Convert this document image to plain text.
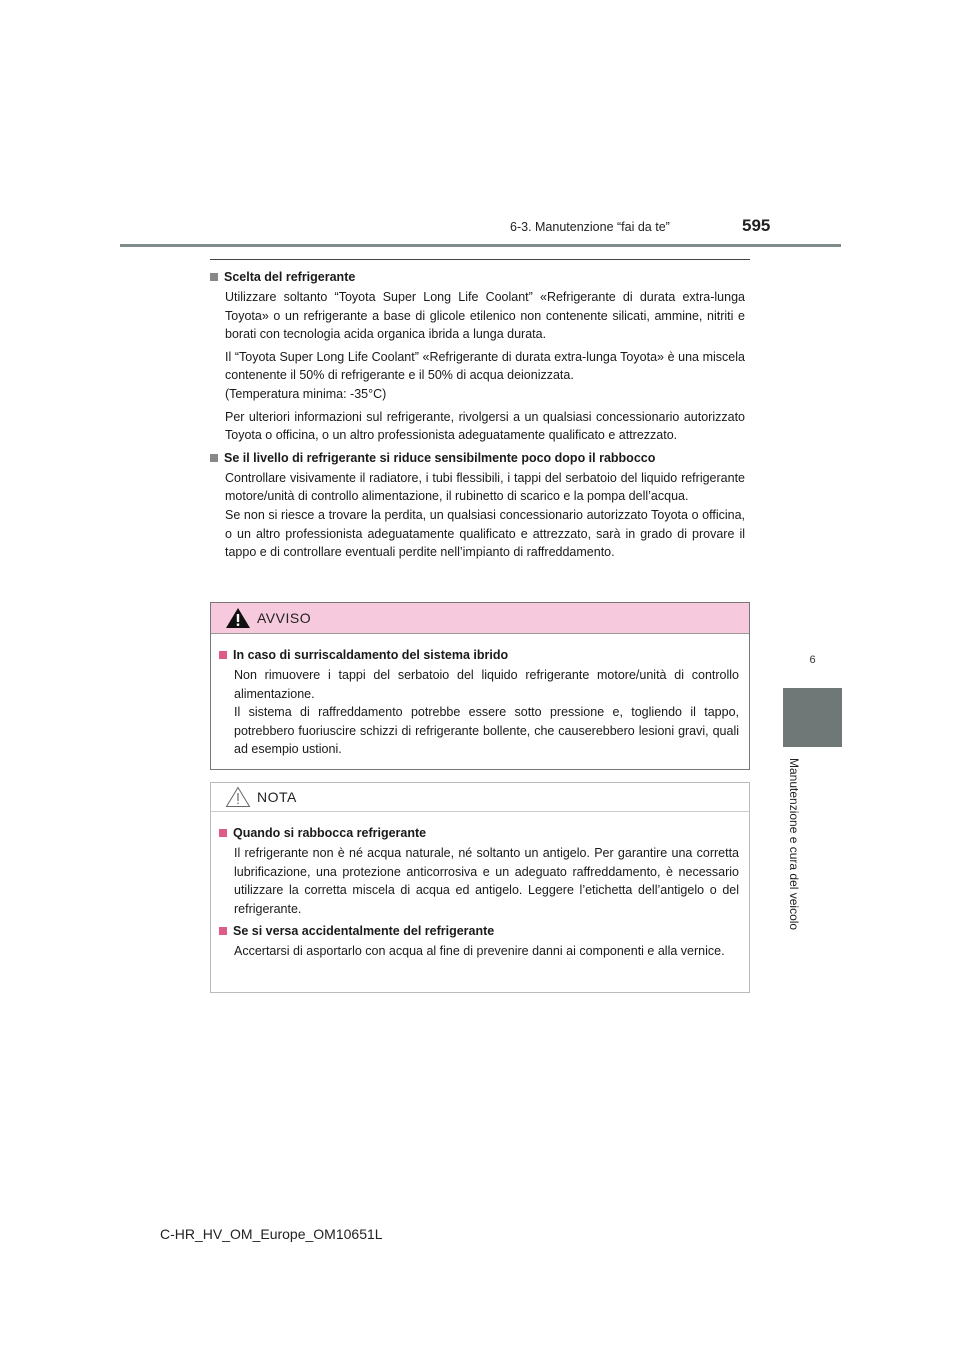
6-3. Manutenzione “fai da te”	595
6
Manutenzione e cura del veicolo
Scelta del refrigerante

Utilizzare soltanto “Toyota Super Long Life Coolant” «Refrigerante di durata extra-lunga Toyota» o un refrigerante a base di glicole etilenico non contenente silicati, ammine, nitriti e borati con tecnologia acida organica ibrida a lunga durata.

Il “Toyota Super Long Life Coolant” «Refrigerante di durata extra-lunga Toyota» è una miscela contenente il 50% di refrigerante e il 50% di acqua deionizzata.
(Temperatura minima: -35°C)

Per ulteriori informazioni sul refrigerante, rivolgersi a un qualsiasi concessionario autorizzato Toyota o officina, o un altro professionista adeguatamente qualificato e attrezzato.

Se il livello di refrigerante si riduce sensibilmente poco dopo il rabbocco

Controllare visivamente il radiatore, i tubi flessibili, i tappi del serbatoio del liquido refrigerante motore/unità di controllo alimentazione, il rubinetto di scarico e la pompa dell’acqua.
Se non si riesce a trovare la perdita, un qualsiasi concessionario autorizzato Toyota o officina, o un altro professionista adeguatamente qualificato e attrezzato, sarà in grado di provare il tappo e di controllare eventuali perdite nell’impianto di raffreddamento.

AVVISO
In caso di surriscaldamento del sistema ibrido

Non rimuovere i tappi del serbatoio del liquido refrigerante motore/unità di controllo alimentazione.
Il sistema di raffreddamento potrebbe essere sotto pressione e, togliendo il tappo, potrebbero fuoriuscire schizzi di refrigerante bollente, che causerebbero lesioni gravi, quali ad esempio ustioni.

NOTA
Quando si rabbocca refrigerante

Il refrigerante non è né acqua naturale, né soltanto un antigelo. Per garantire una corretta lubrificazione, una protezione anticorrosiva e un adeguato raffreddamento, è necessario utilizzare la corretta miscela di acqua ed antigelo. Leggere l’etichetta dell’antigelo o del refrigerante.

Se si versa accidentalmente del refrigerante

Accertarsi di asportarlo con acqua al fine di prevenire danni ai componenti e alla vernice.

C-HR_HV_OM_Europe_OM10651L
